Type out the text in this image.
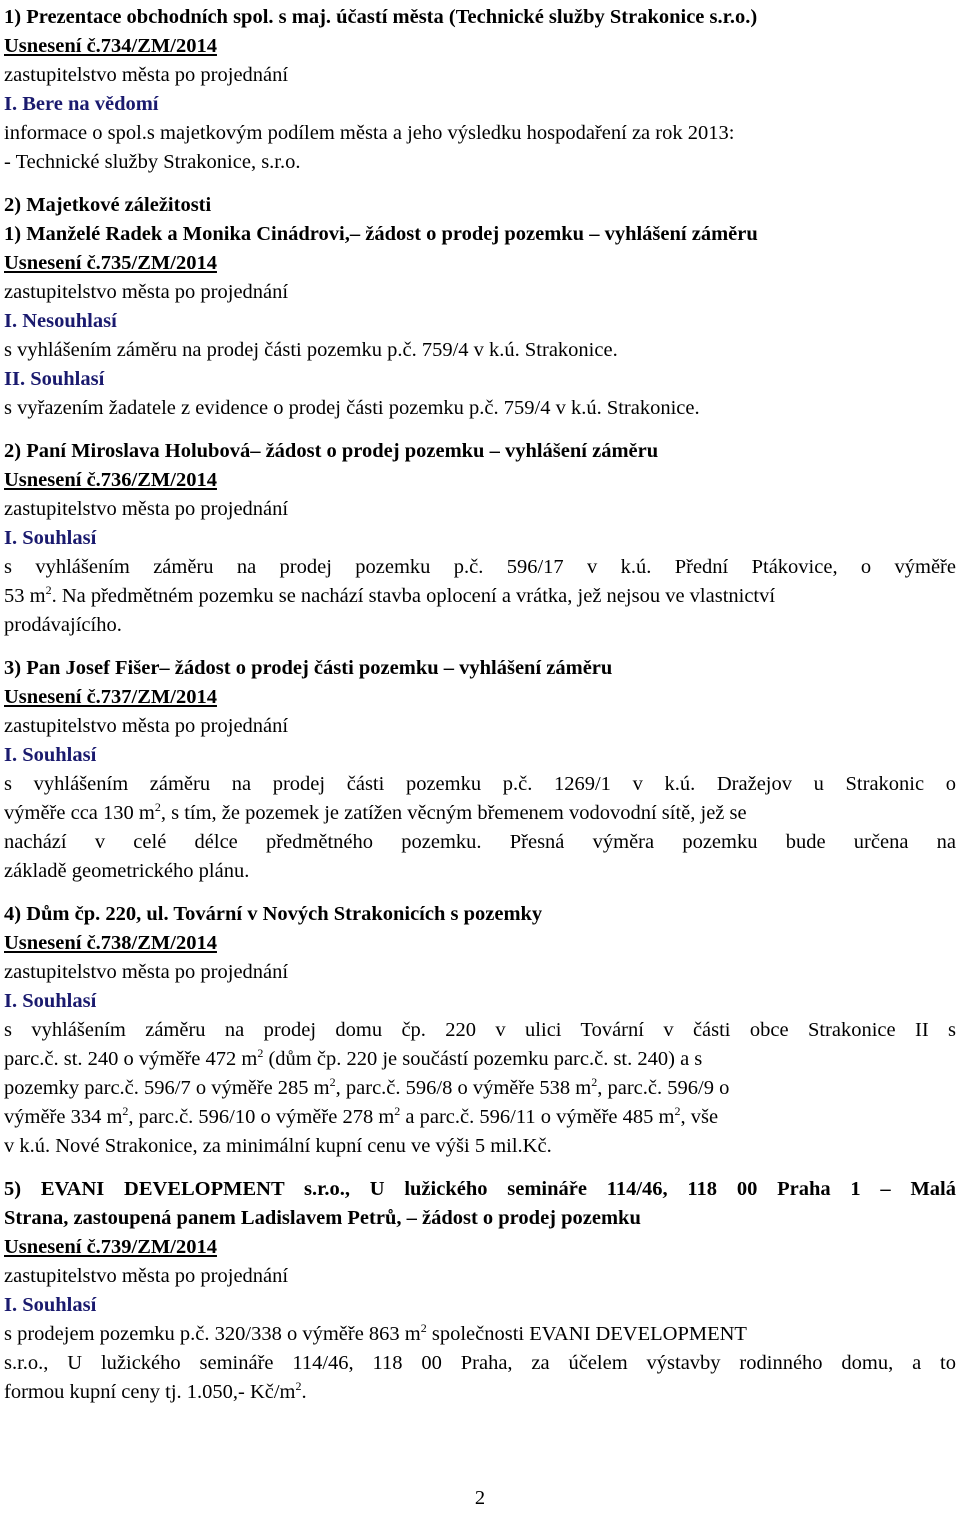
1) Prezentace obchodních spol. s maj. účastí města (Technické služby Strakonice s.r.o.)
Usnesení č.734/ZM/2014
zastupitelstvo města po projednání
I. Bere na vědomí
informace o spol.s majetkovým podílem města a jeho výsledku hospodaření za rok 2013:
- Technické služby Strakonice, s.r.o.
2) Majetkové záležitosti
1) Manželé Radek a Monika Cinádrovi,– žádost o prodej pozemku – vyhlášení záměru
Usnesení č.735/ZM/2014
zastupitelstvo města po projednání
I. Nesouhlasí
s vyhlášením záměru na prodej části pozemku p.č. 759/4 v k.ú. Strakonice.
II. Souhlasí
s vyřazením žadatele z evidence o prodej části pozemku p.č. 759/4 v k.ú. Strakonice.
2) Paní Miroslava Holubová– žádost o prodej pozemku – vyhlášení záměru
Usnesení č.736/ZM/2014
zastupitelstvo města po projednání
I. Souhlasí
s vyhlášením záměru na prodej pozemku p.č. 596/17 v k.ú. Přední Ptákovice, o výměře
53 $m^2$. Na předmětném pozemku se nachází stavba oplocení a vrátka, jež nejsou ve vlastnictví
prodávajícího.
3) Pan Josef Fišer– žádost o prodej části pozemku – vyhlášení záměru
Usnesení č.737/ZM/2014
zastupitelstvo města po projednání
I. Souhlasí
s vyhlášením záměru na prodej části pozemku p.č. 1269/1 v k.ú. Dražejov u Strakonic o
výměře cca 130 $m^2$, s tím, že pozemek je zatížen věcným břemenem vodovodní sítě, jež se
nachází v celé délce předmětného pozemku. Přesná výměra pozemku bude určena na
základě geometrického plánu.
4) Dům čp. 220, ul. Tovární v Nových Strakonicích s pozemky
Usnesení č.738/ZM/2014
zastupitelstvo města po projednání
I. Souhlasí
s vyhlášením záměru na prodej domu čp. 220 v ulici Tovární v části obce Strakonice II s
parc.č. st. 240 o výměře 472 $m^2$ (dům čp. 220 je součástí pozemku parc.č. st. 240) a s
pozemky parc.č. 596/7 o výměře 285 $m^2$, parc.č. 596/8 o výměře 538 $m^2$, parc.č. 596/9 o
výměře 334 $m^2$, parc.č. 596/10 o výměře 278 $m^2$ a parc.č. 596/11 o výměře 485 $m^2$, vše
v k.ú. Nové Strakonice, za minimální kupní cenu ve výši 5 mil.Kč.
5) EVANI DEVELOPMENT s.r.o., U lužického semináře 114/46, 118 00 Praha 1 – Malá
Strana, zastoupená panem Ladislavem Petrů, – žádost o prodej pozemku
Usnesení č.739/ZM/2014
zastupitelstvo města po projednání
I. Souhlasí
s prodejem pozemku p.č. 320/338 o výměře 863 $m^2$ společnosti EVANI DEVELOPMENT
s.r.o., U lužického semináře 114/46, 118 00 Praha, za účelem výstavby rodinného domu, a to
formou kupní ceny tj. 1.050,- $Kč/m^2$.
2
